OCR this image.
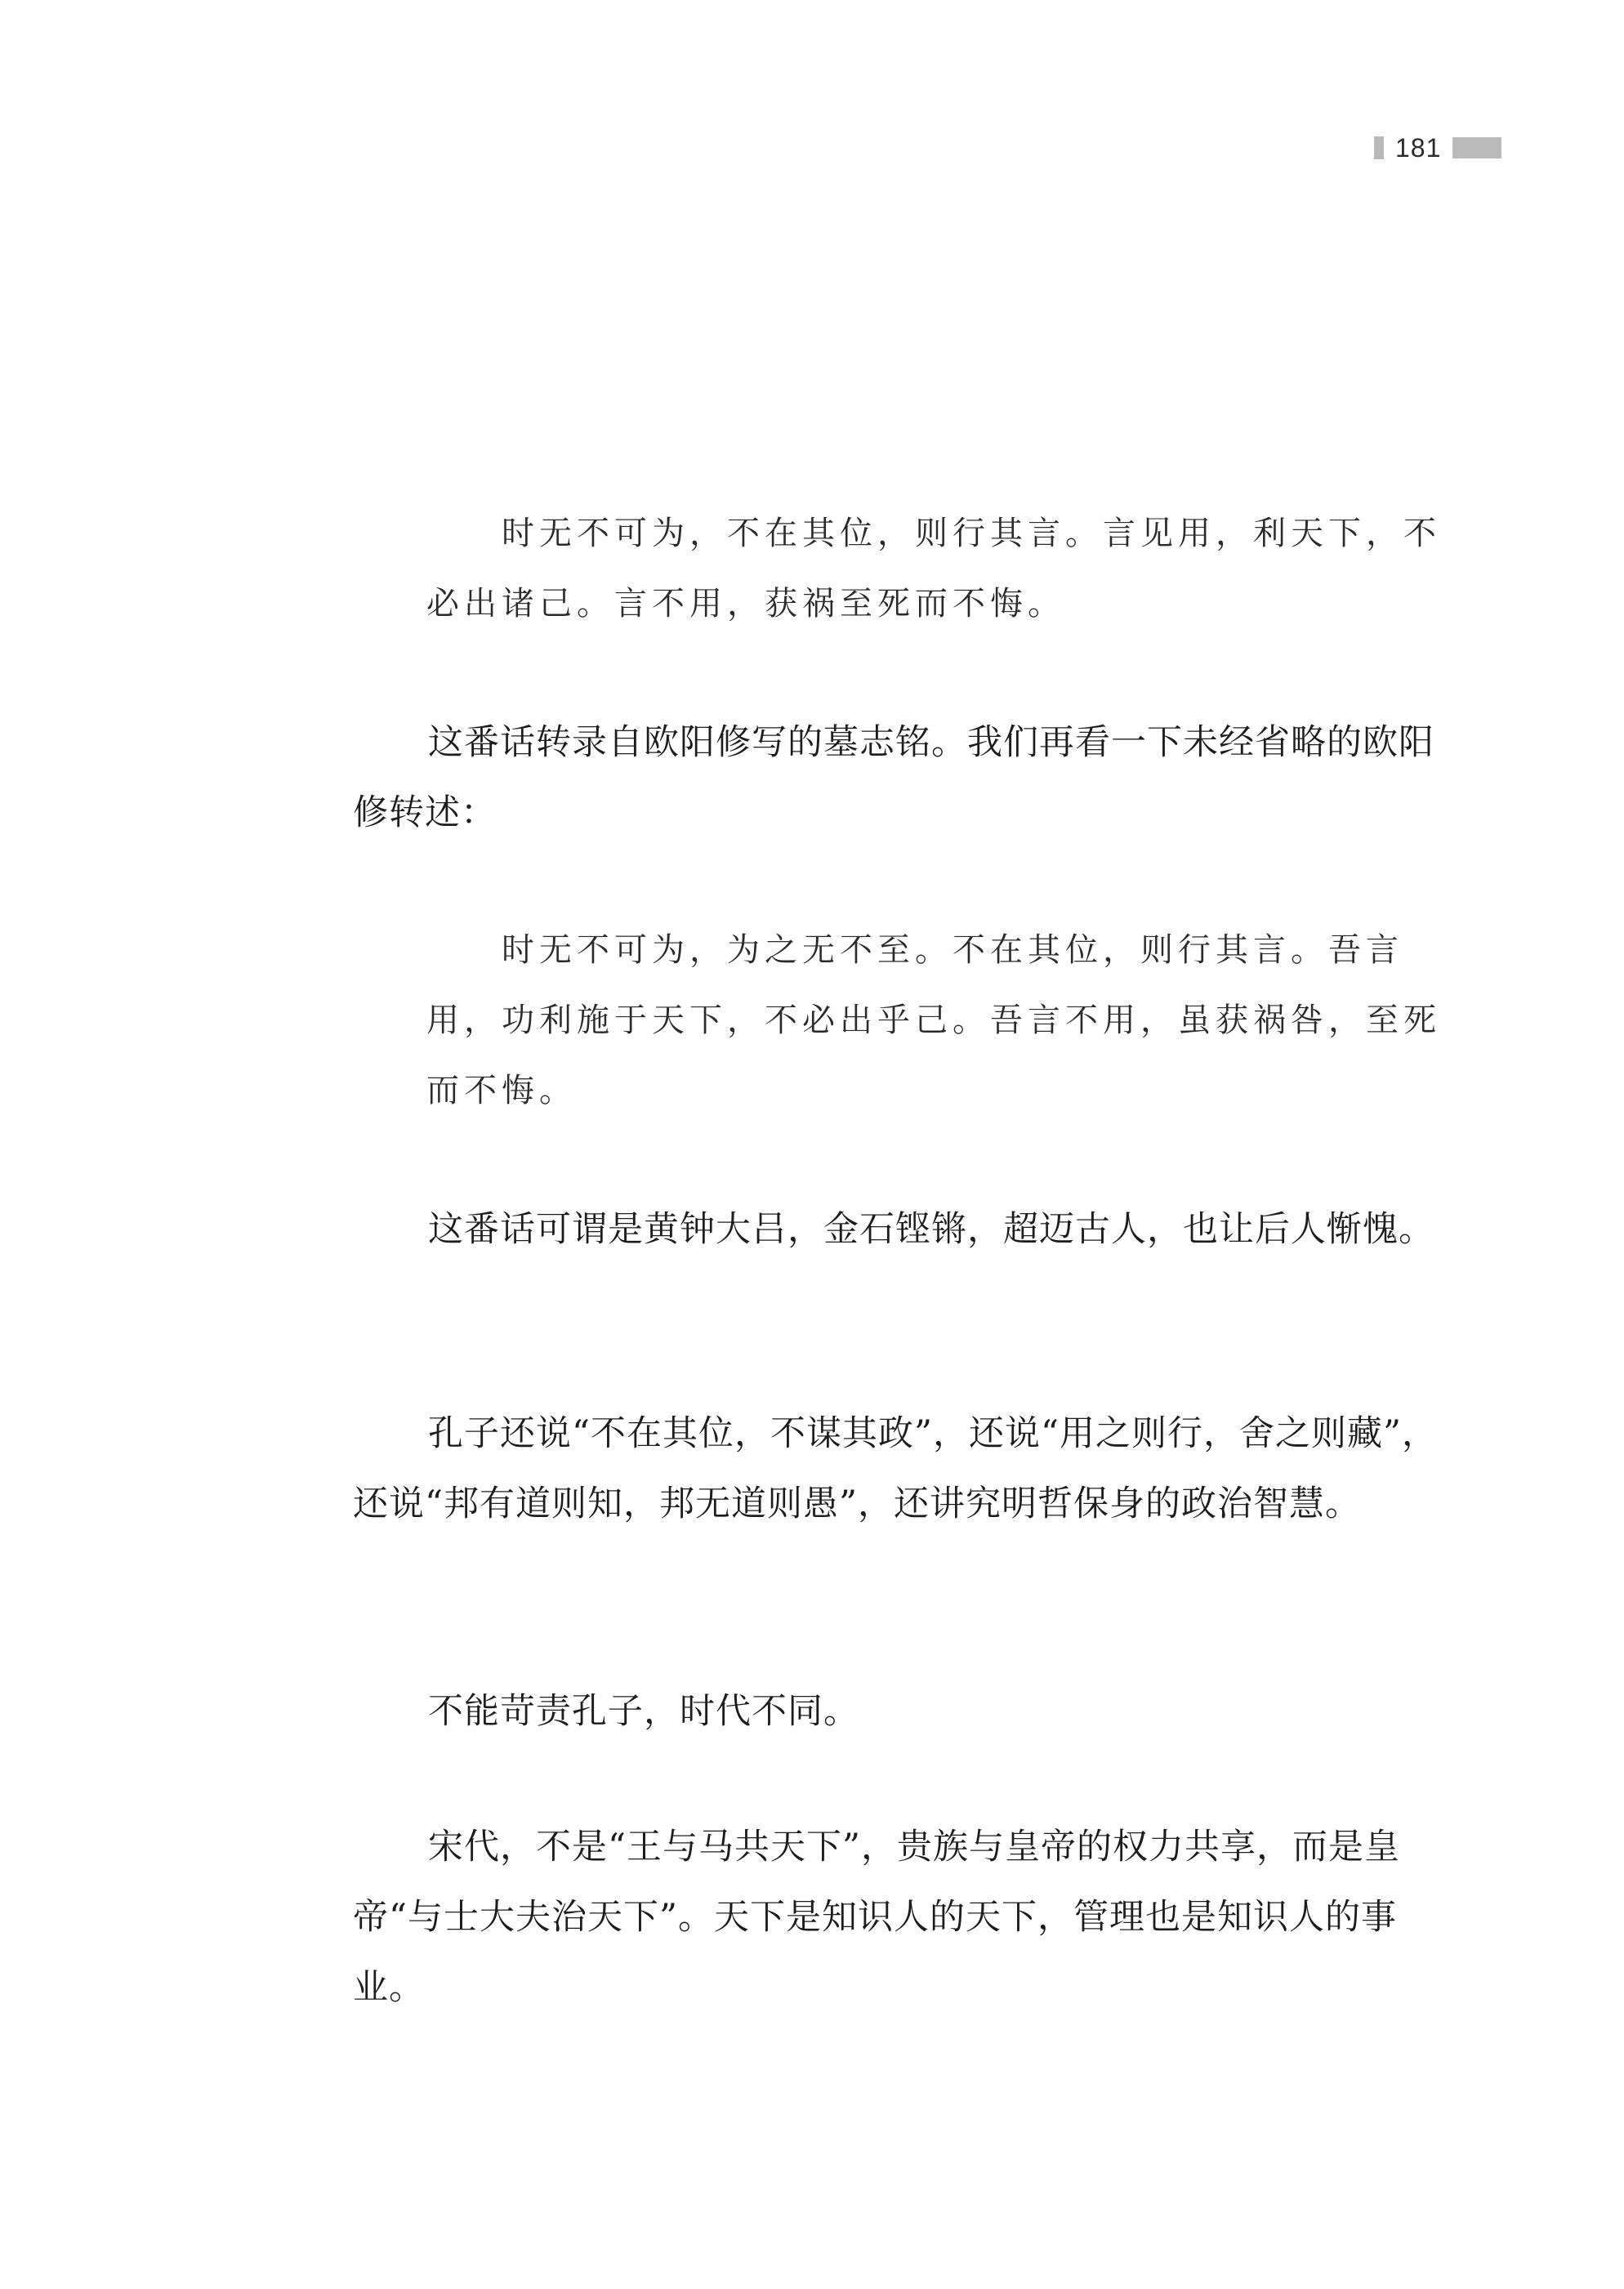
181

时无不可为，不在其位，则行其言。言见用，利天下，不必出诸己。言不用，获祸至死而不悔。

这番话转录自欧阳修写的墓志铭。我们再看一下未经省略的欧阳修转述：

时无不可为，为之无不至。不在其位，则行其言。吾言用，功利施于天下，不必出乎己。吾言不用，虽获祸咎，至死而不悔。

这番话可谓是黄钟大吕，金石铿锵，超迈古人，也让后人惭愧。

孔子还说“不在其位，不谋其政”，还说“用之则行，舍之则藏”，还说“邦有道则知，邦无道则愚”，还讲究明哲保身的政治智慧。

不能苛责孔子，时代不同。

宋代，不是“王与马共天下”，贵族与皇帝的权力共享，而是皇帝“与士大夫治天下”。天下是知识人的天下，管理也是知识人的事业。
